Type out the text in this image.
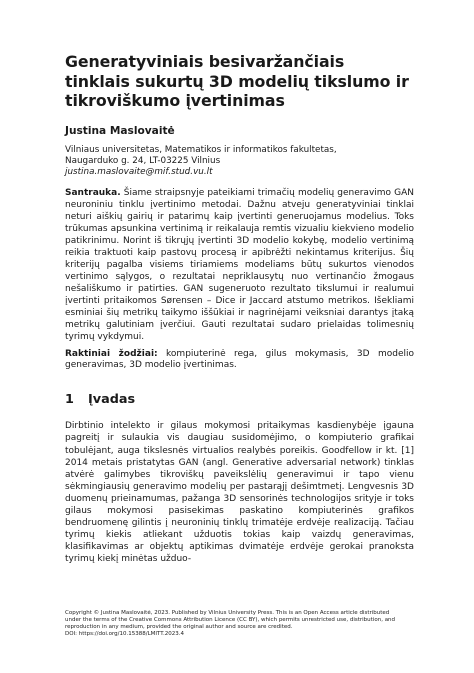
Generatyviniais besivaržančiais
tinklais sukurtų 3D modelių tikslumo ir
tikroviškumo įvertinimas
Justina Maslovaitė
Vilniaus universitetas, Matematikos ir informatikos fakultetas,
Naugarduko g. 24, LT-03225 Vilnius
justina.maslovaite@mif.stud.vu.lt
Santrauka. Šiame straipsnyje pateikiami trimačių modelių generavimo GAN neuroniniu tinklu įvertinimo metodai. Dažnu atveju generatyviniai tinklai neturi aiškių gairių ir patarimų kaip įvertinti generuojamus modelius. Toks trūkumas apsunkina vertinimą ir reikalauja remtis vizualiu kiekvieno modelio patikrinimu. Norint iš tikrųjų įvertinti 3D modelio kokybę, modelio vertinimą reikia traktuoti kaip pastovų procesą ir apibrėžti nekintamus kriterijus. Šių kriterijų pagalba visiems tiriamiems modeliams būtų sukurtos vienodos vertinimo sąlygos, o rezultatai nepriklausytų nuo vertinančio žmogaus nešališkumo ir patirties. GAN sugeneruoto rezultato tikslumui ir realumui įvertinti pritaikomos Sørensen – Dice ir Jaccard atstumo metrikos. Išekliami esminiai šių metrikų taikymo iššūkiai ir nagrinėjami veiksniai darantys įtaką metrikų galutiniam įverčiui. Gauti rezultatai sudaro prielaidas tolimesnių tyrimų vykdymui.
Raktiniai žodžiai: kompiuterinė rega, gilus mokymasis, 3D modelio generavimas, 3D modelio įvertinimas.
1	Įvadas
Dirbtinio intelekto ir gilaus mokymosi pritaikymas kasdienybėje įgauna pagreitį ir sulaukia vis daugiau susidomėjimo, o kompiuterio grafikai tobulėjant, auga tikslesnės virtualios realybės poreikis. Goodfellow ir kt. [1] 2014 metais pristatytas GAN (angl. Generative adversarial network) tinklas atvėrė galimybes tikroviškų paveikslėlių generavimui ir tapo vienu sėkmingiausių generavimo modelių per pastarąjį dešimtmetį. Lengvesnis 3D duomenų prieinamumas, pažanga 3D sensorinės technologijos srityje ir toks gilaus mokymosi pasisekimas paskatino kompiuterinės grafikos bendruomenę gilintis į neuroninių tinklų trimatėje erdvėje realizaciją. Tačiau tyrimų kiekis atliekant užduotis tokias kaip vaizdų generavimas, klasifikavimas ar objektų aptikimas dvimatėje erdvėje gerokai pranoksta tyrimų kiekį minėtas užduo-
Copyright © Justina Maslovaitė, 2023. Published by Vilnius University Press. This is an Open Access article distributed
under the terms of the Creative Commons Attribution Licence (CC BY), which permits unrestricted use, distribution, and
reproduction in any medium, provided the original author and source are credited.
DOI: https://doi.org/10.15388/LMITT.2023.4
